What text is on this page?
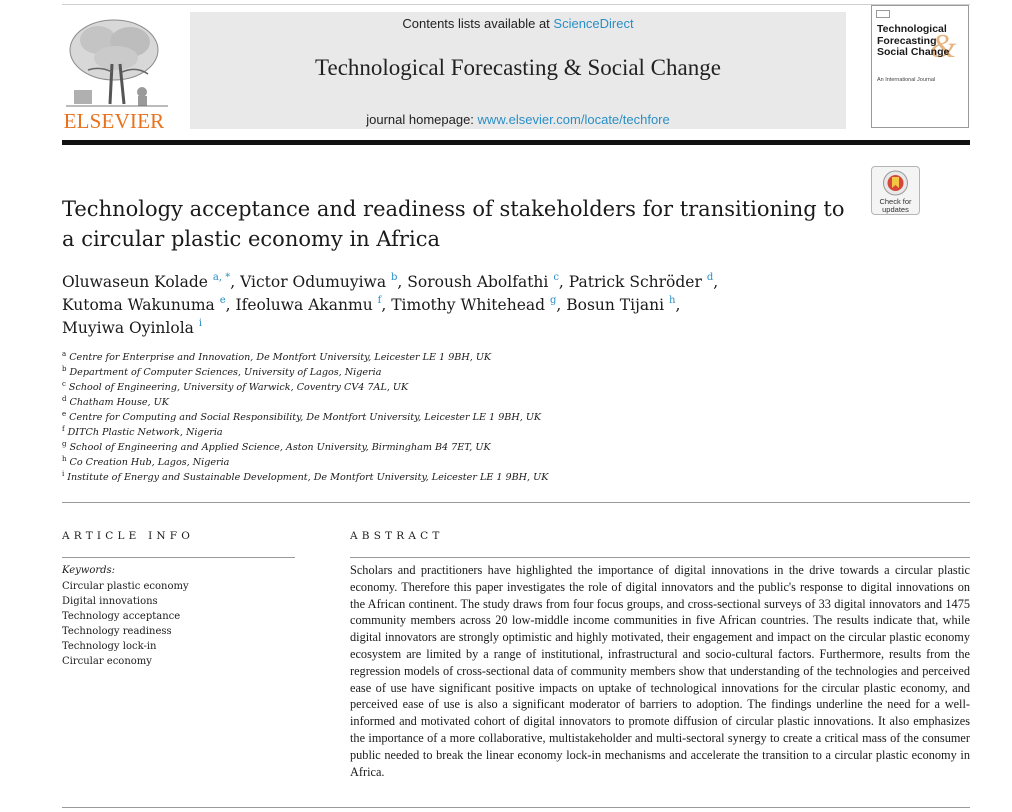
ELSEVIER
Contents lists available at ScienceDirect
Technological Forecasting & Social Change
journal homepage: www.elsevier.com/locate/techfore
&
Technological
Forecasting
Social Change
An International Journal
Check for
updates
Technology acceptance and readiness of stakeholders for transitioning to a circular plastic economy in Africa
Oluwaseun Kolade $^{a, *}$, Victor Odumuyiwa $^b$, Soroush Abolfathi $^c$, Patrick Schröder $^d$,
Kutoma Wakunuma $^e$, Ifeoluwa Akanmu $^f$, Timothy Whitehead $^g$, Bosun Tijani $^h$,
Muyiwa Oyinlola $^i$
$^a$ Centre for Enterprise and Innovation, De Montfort University, Leicester LE 1 9BH, UK
$^b$ Department of Computer Sciences, University of Lagos, Nigeria
$^c$ School of Engineering, University of Warwick, Coventry CV4 7AL, UK
$^d$ Chatham House, UK
$^e$ Centre for Computing and Social Responsibility, De Montfort University, Leicester LE 1 9BH, UK
$^f$ DITCh Plastic Network, Nigeria
$^g$ School of Engineering and Applied Science, Aston University, Birmingham B4 7ET, UK
$^h$ Co Creation Hub, Lagos, Nigeria
$^i$ Institute of Energy and Sustainable Development, De Montfort University, Leicester LE 1 9BH, UK
ARTICLE INFO
Keywords:
Circular plastic economy
Digital innovations
Technology acceptance
Technology readiness
Technology lock-in
Circular economy
ABSTRACT

Scholars and practitioners have highlighted the importance of digital innovations in the drive towards a circular plastic economy. Therefore this paper investigates the role of digital innovators and the public's response to digital innovations on the African continent. The study draws from four focus groups, and cross-sectional surveys of 33 digital innovators and 1475 community members across 20 low-middle income communities in five African countries. The results indicate that, while digital innovators are strongly optimistic and highly motivated, their engagement and impact on the circular plastic economy ecosystem are limited by a range of institutional, infrastructural and socio-cultural factors. Furthermore, results from the regression models of cross-sectional data of community members show that understanding of the technologies and perceived ease of use have significant positive impacts on uptake of technological innovations for the circular plastic economy, and perceived ease of use is also a significant moderator of barriers to adoption. The findings underline the need for a well-informed and motivated cohort of digital innovators to promote diffusion of circular plastic innovations. It also emphasizes the importance of a more collaborative, multistakeholder and multi-sectoral synergy to create a critical mass of the consumer public needed to break the linear economy lock-in mechanisms and accelerate the transition to a circular plastic economy in Africa.
